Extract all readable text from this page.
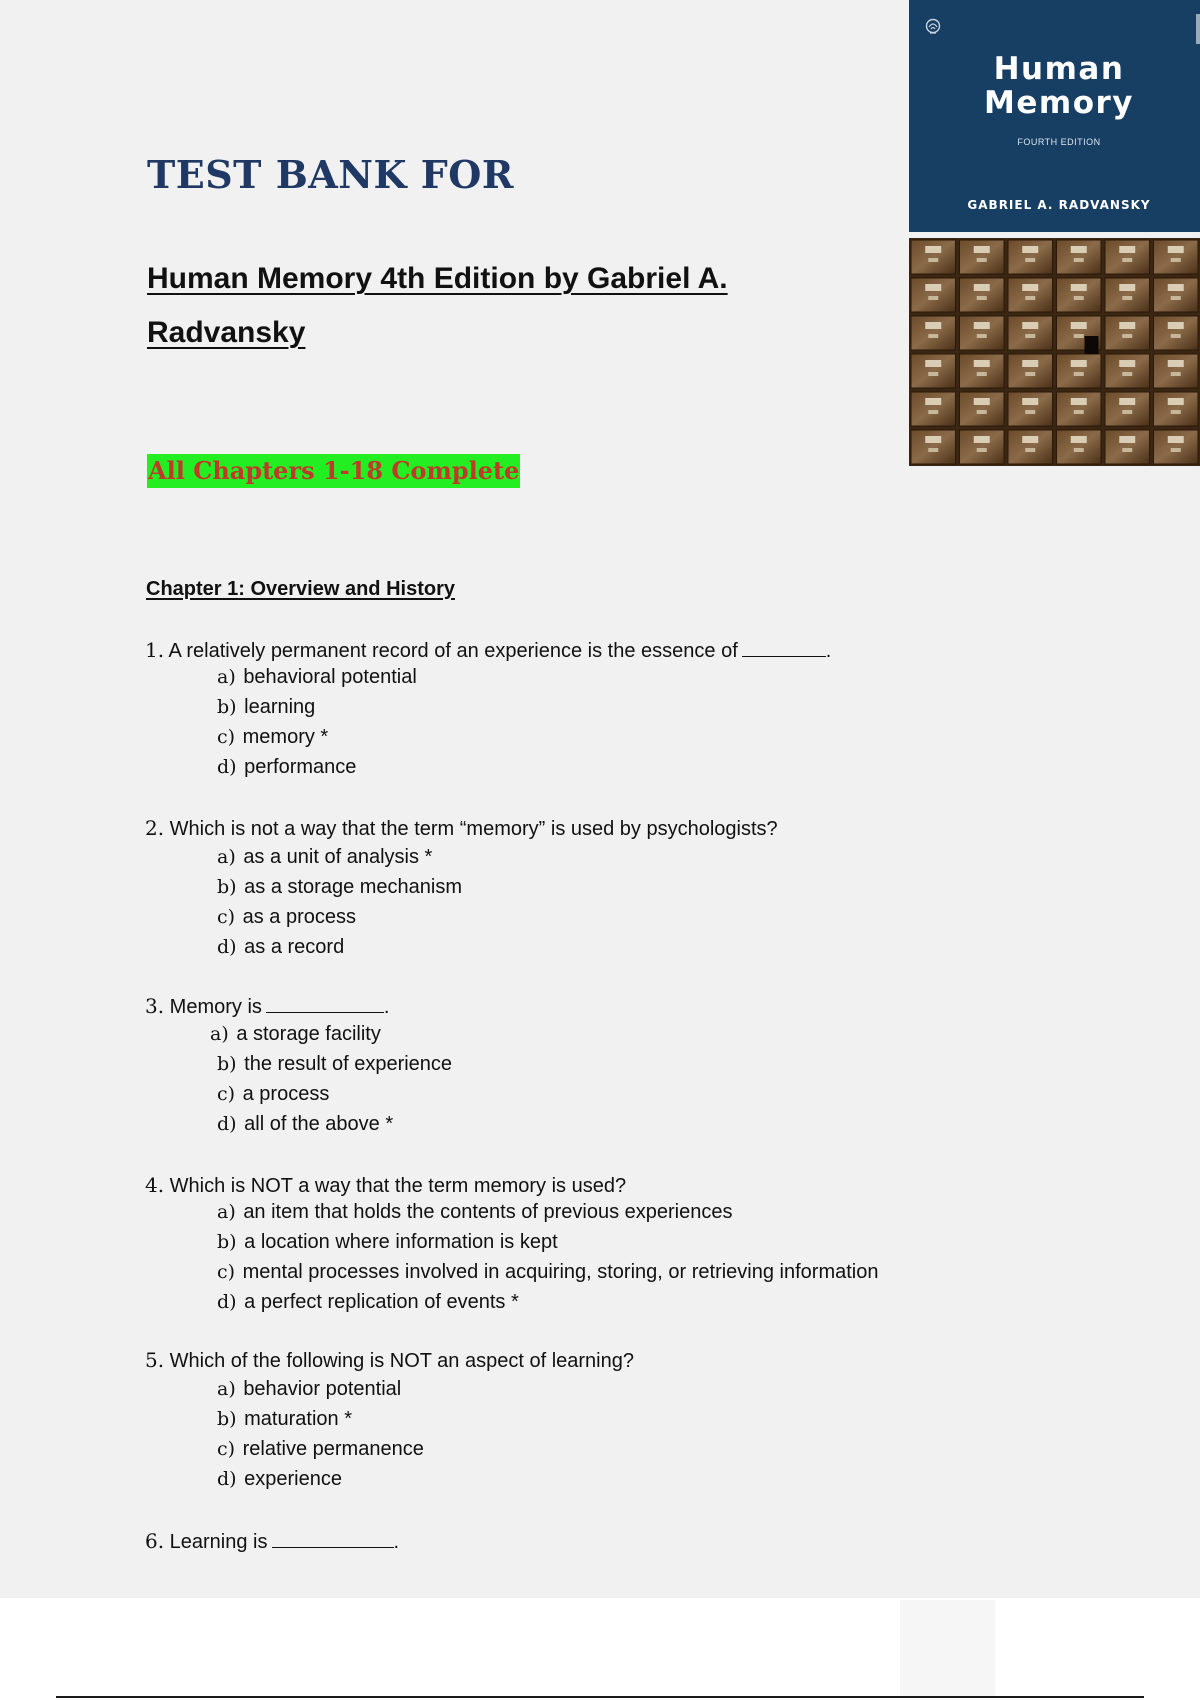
Human
Memory
FOURTH EDITION
GABRIEL A. RADVANSKY
TEST BANK FOR
Human Memory 4th Edition by Gabriel A.
Radvansky
All Chapters 1-18 Complete
Chapter 1: Overview and History
1. A relatively permanent record of an experience is the essence of	.
a) behavioral potential
b) learning
c) memory *
d) performance
2. Which is not a way that the term “memory” is used by psychologists?
a) as a unit of analysis *
b) as a storage mechanism
c) as a process
d) as a record
3. Memory is	.
a) a storage facility
b) the result of experience
c) a process
d) all of the above *
4. Which is NOT a way that the term memory is used?
a) an item that holds the contents of previous experiences
b) a location where information is kept
c) mental processes involved in acquiring, storing, or retrieving information
d) a perfect replication of events *
5. Which of the following is NOT an aspect of learning?
a) behavior potential
b) maturation *
c) relative permanence
d) experience
6. Learning is	.
